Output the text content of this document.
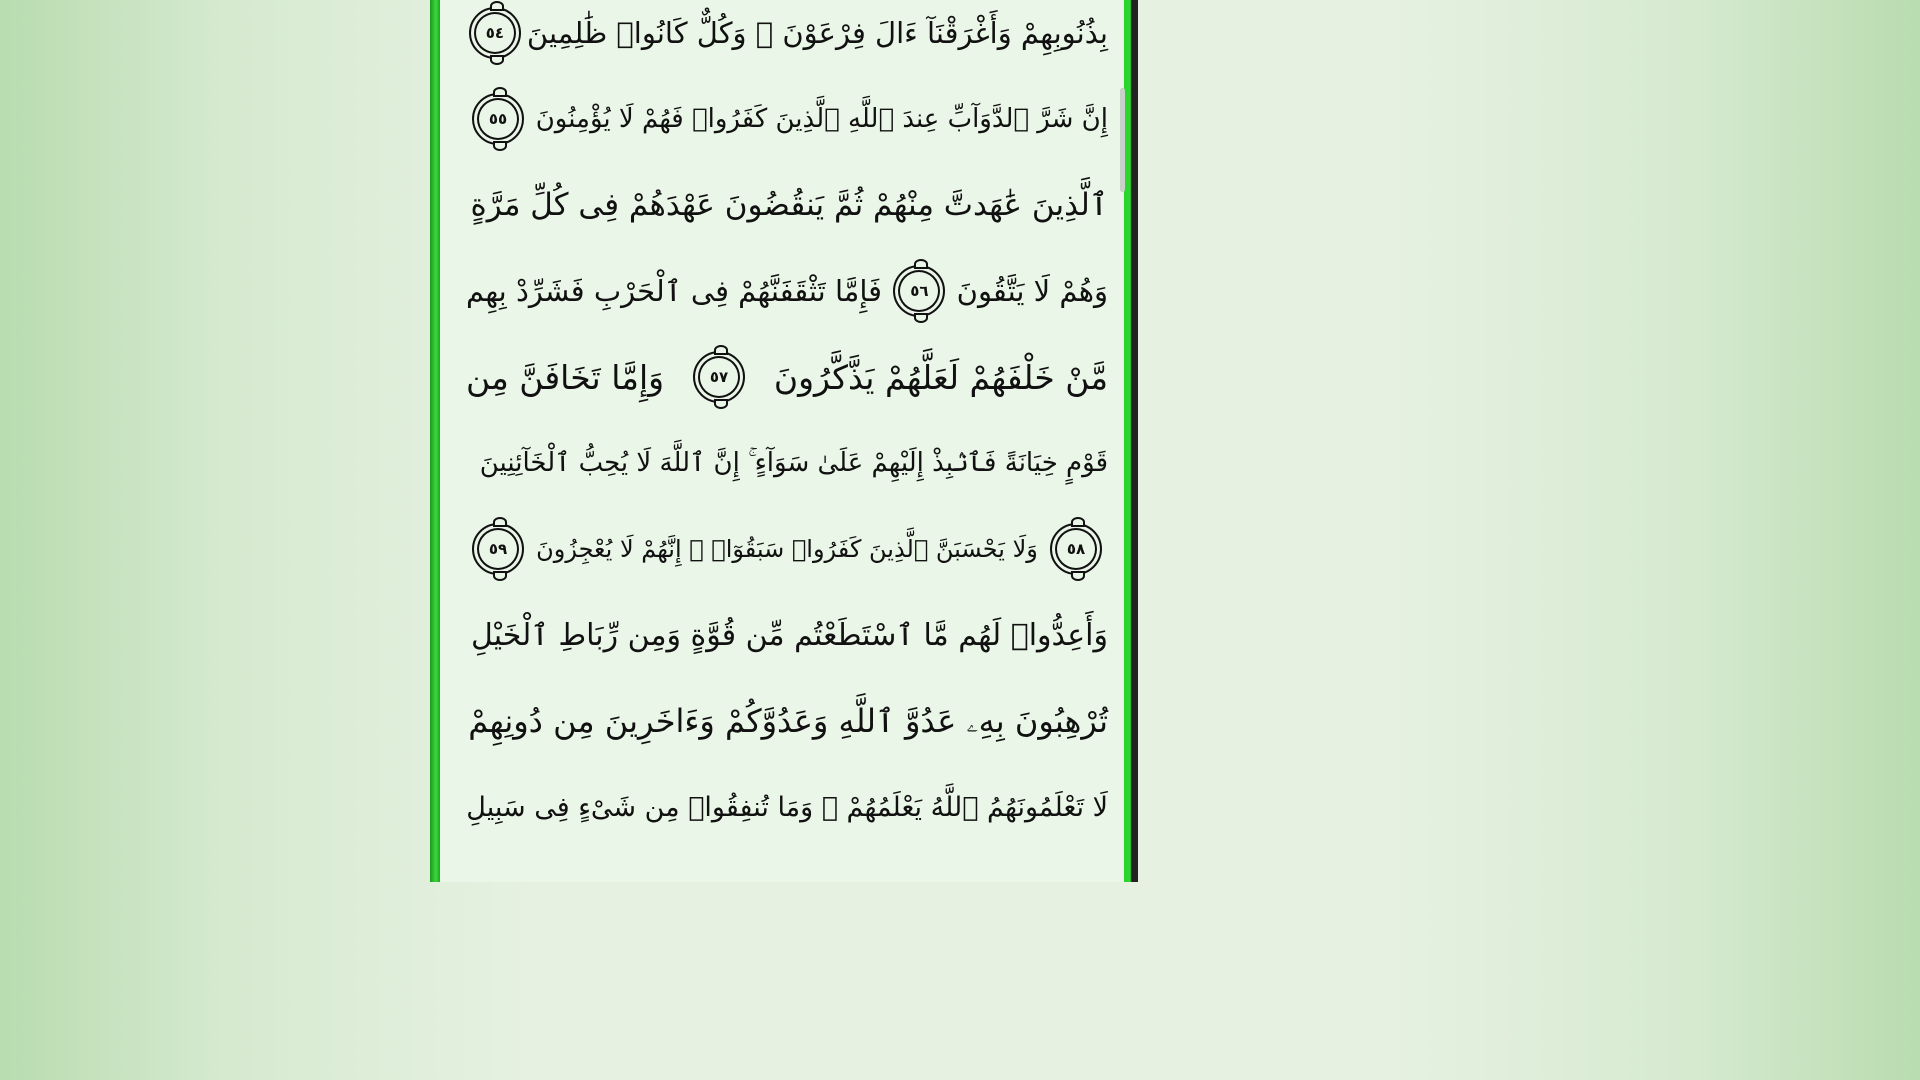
بِذُنُوبِهِمْ وَأَغْرَقْنَآ ءَالَ فِرْعَوْنَ ۚ وَكُلٌّ كَانُوا۟ ظَٰلِمِينَ
٥٤
إِنَّ شَرَّ ٱلدَّوَآبِّ عِندَ ٱللَّهِ ٱلَّذِينَ كَفَرُوا۟ فَهُمْ لَا يُؤْمِنُونَ
٥٥
ٱلَّذِينَ عَٰهَدتَّ مِنْهُمْ ثُمَّ يَنقُضُونَ عَهْدَهُمْ فِى كُلِّ مَرَّةٍ
وَهُمْ لَا يَتَّقُونَ
٥٦
فَإِمَّا تَثْقَفَنَّهُمْ فِى ٱلْحَرْبِ فَشَرِّدْ بِهِم
مَّنْ خَلْفَهُمْ لَعَلَّهُمْ يَذَّكَّرُونَ
٥٧
وَإِمَّا تَخَافَنَّ مِن
قَوْمٍ خِيَانَةً فَٱنۢبِذْ إِلَيْهِمْ عَلَىٰ سَوَآءٍ ۚ إِنَّ ٱللَّهَ لَا يُحِبُّ ٱلْخَآئِنِينَ
٥٨
وَلَا يَحْسَبَنَّ ٱلَّذِينَ كَفَرُوا۟ سَبَقُوٓا۟ ۚ إِنَّهُمْ لَا يُعْجِزُونَ
٥٩
وَأَعِدُّوا۟ لَهُم مَّا ٱسْتَطَعْتُم مِّن قُوَّةٍ وَمِن رِّبَاطِ ٱلْخَيْلِ
تُرْهِبُونَ بِهِۦ عَدُوَّ ٱللَّهِ وَعَدُوَّكُمْ وَءَاخَرِينَ مِن دُونِهِمْ
لَا تَعْلَمُونَهُمُ ٱللَّهُ يَعْلَمُهُمْ ۚ وَمَا تُنفِقُوا۟ مِن شَىْءٍ فِى سَبِيلِ
